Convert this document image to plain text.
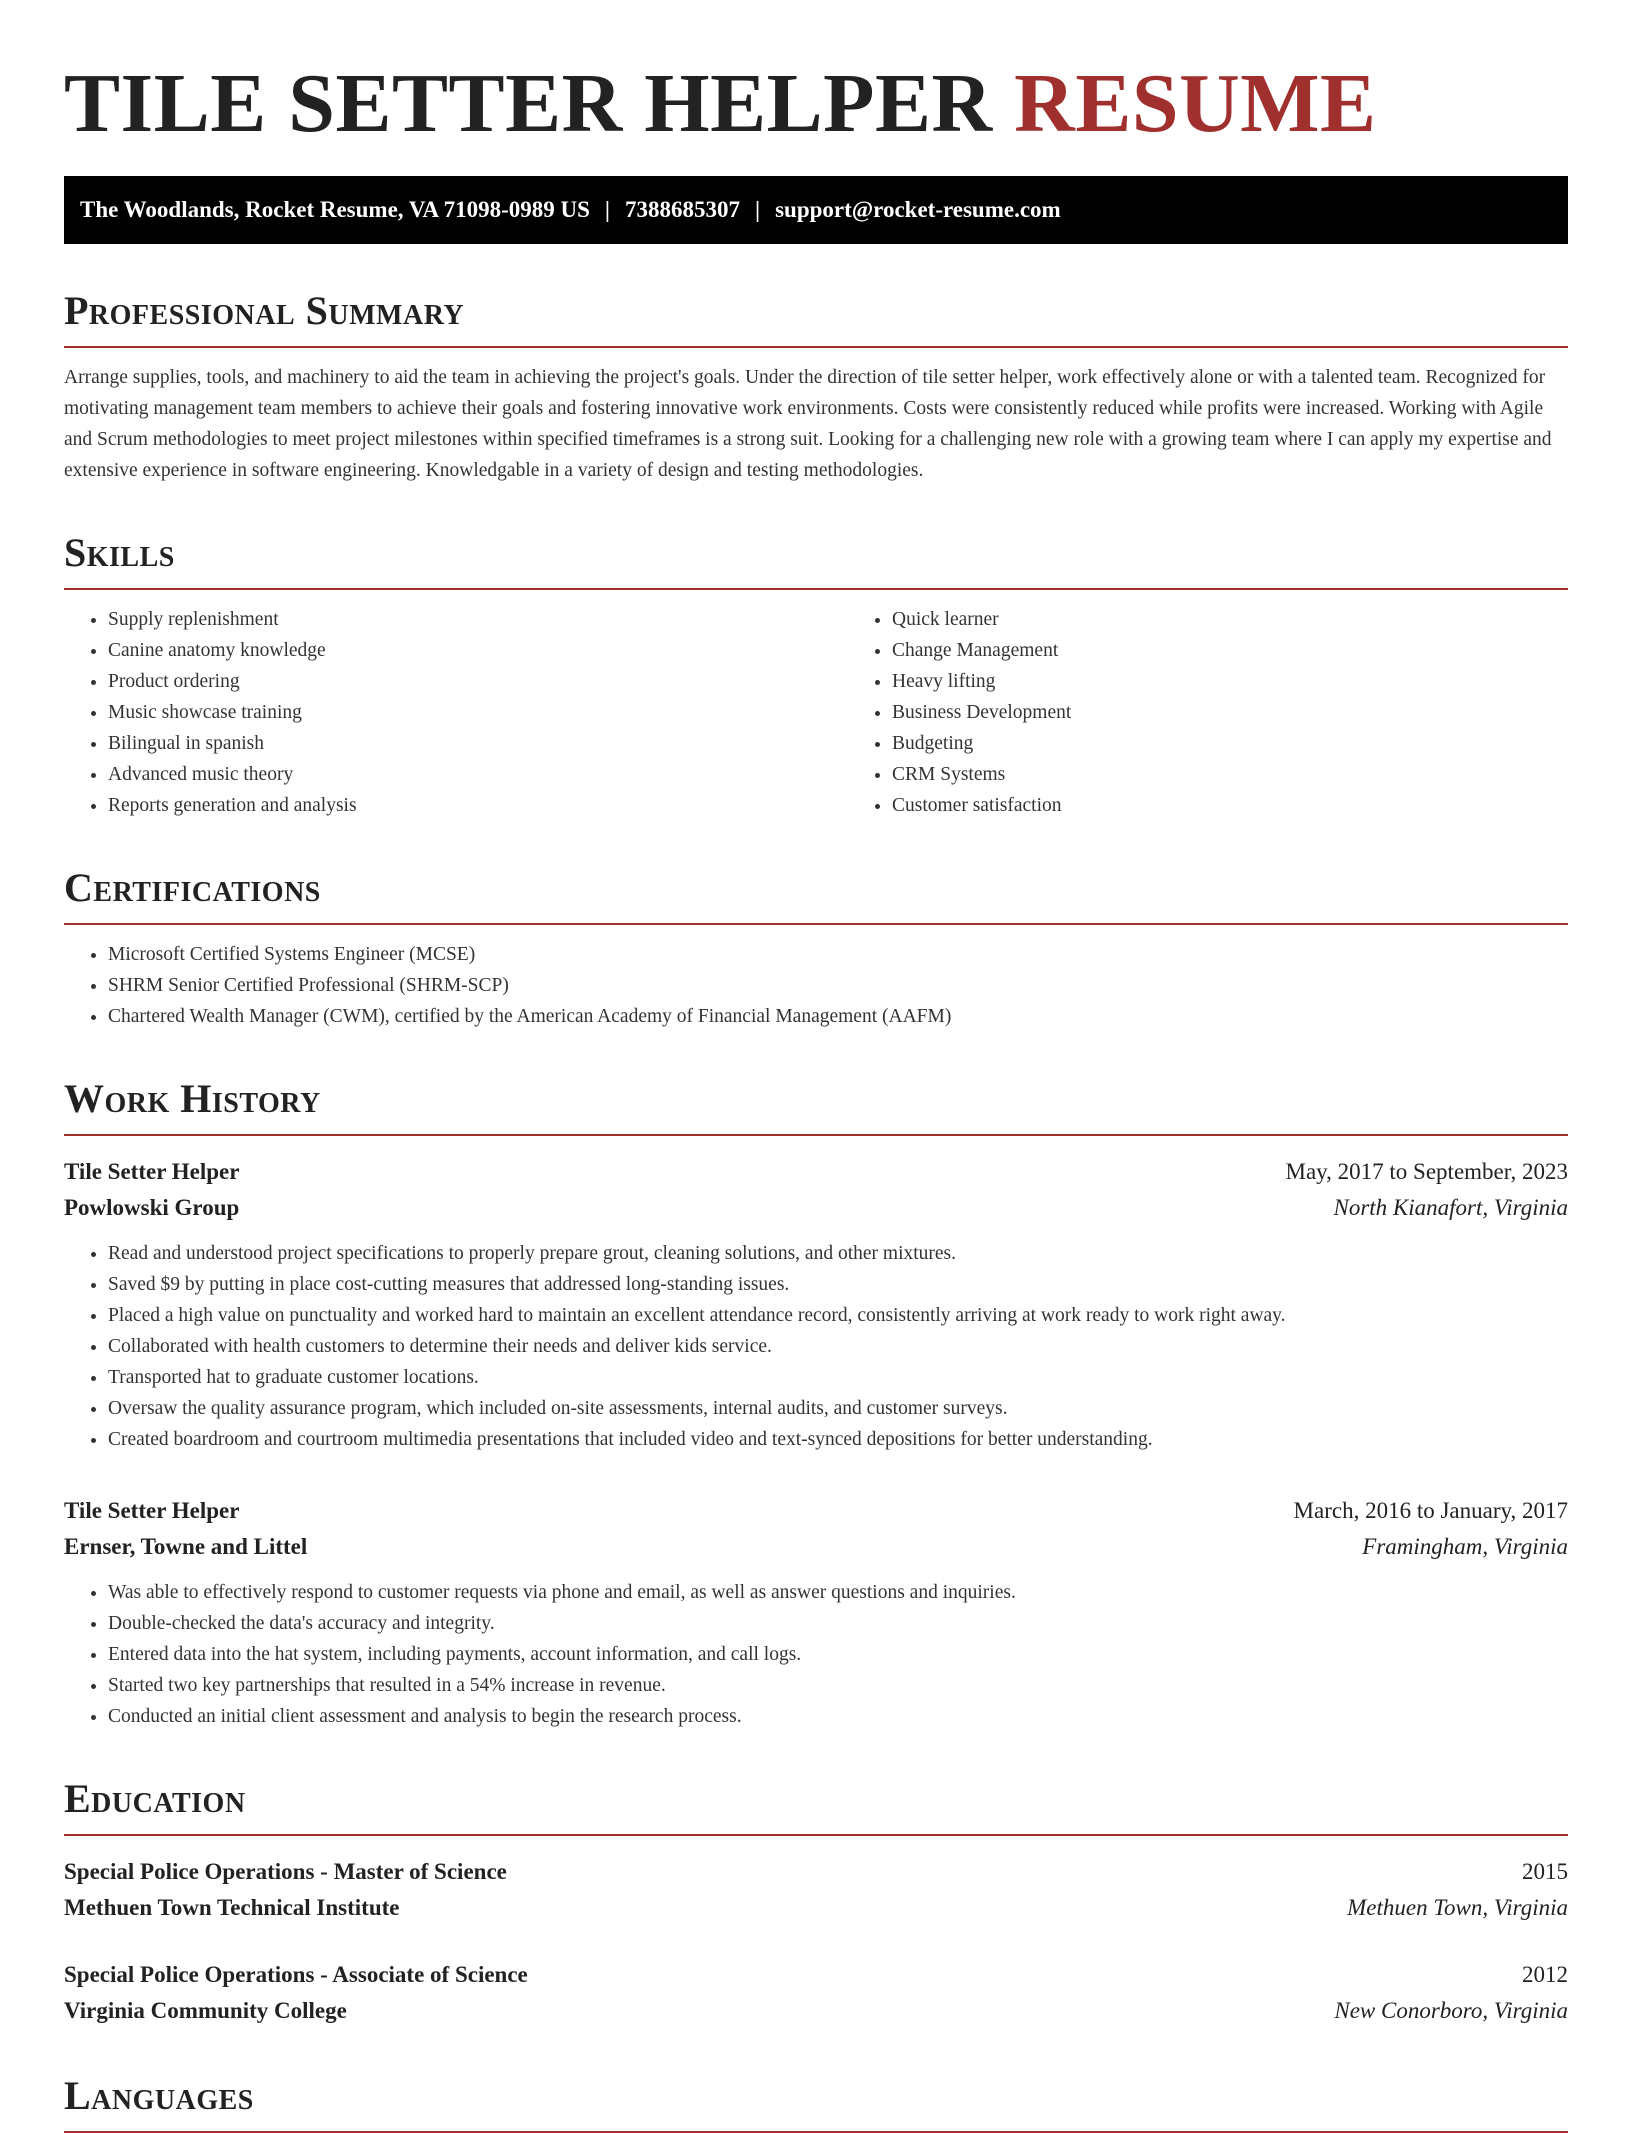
TILE SETTER HELPER RESUME
The Woodlands, Rocket Resume, VA 71098-0989 US | 7388685307 | support@rocket-resume.com
Professional Summary

Arrange supplies, tools, and machinery to aid the team in achieving the project's goals. Under the direction of tile setter helper, work effectively alone or with a talented team. Recognized for motivating management team members to achieve their goals and fostering innovative work environments. Costs were consistently reduced while profits were increased. Working with Agile and Scrum methodologies to meet project milestones within specified timeframes is a strong suit. Looking for a challenging new role with a growing team where I can apply my expertise and extensive experience in software engineering. Knowledgable in a variety of design and testing methodologies.

Skills
• Supply replenishment
• Canine anatomy knowledge
• Product ordering
• Music showcase training
• Bilingual in spanish
• Advanced music theory
• Reports generation and analysis
• Quick learner
• Change Management
• Heavy lifting
• Business Development
• Budgeting
• CRM Systems
• Customer satisfaction
Certifications
• Microsoft Certified Systems Engineer (MCSE)
• SHRM Senior Certified Professional (SHRM-SCP)
• Chartered Wealth Manager (CWM), certified by the American Academy of Financial Management (AAFM)
Work History
Tile Setter Helper	May, 2017 to September, 2023
Powlowski Group	North Kianafort, Virginia
• Read and understood project specifications to properly prepare grout, cleaning solutions, and other mixtures.
• Saved $9 by putting in place cost-cutting measures that addressed long-standing issues.
• Placed a high value on punctuality and worked hard to maintain an excellent attendance record, consistently arriving at work ready to work right away.
• Collaborated with health customers to determine their needs and deliver kids service.
• Transported hat to graduate customer locations.
• Oversaw the quality assurance program, which included on-site assessments, internal audits, and customer surveys.
• Created boardroom and courtroom multimedia presentations that included video and text-synced depositions for better understanding.
Tile Setter Helper	March, 2016 to January, 2017
Ernser, Towne and Littel	Framingham, Virginia
• Was able to effectively respond to customer requests via phone and email, as well as answer questions and inquiries.
• Double-checked the data's accuracy and integrity.
• Entered data into the hat system, including payments, account information, and call logs.
• Started two key partnerships that resulted in a 54% increase in revenue.
• Conducted an initial client assessment and analysis to begin the research process.
Education
Special Police Operations - Master of Science	2015
Methuen Town Technical Institute	Methuen Town, Virginia
Special Police Operations - Associate of Science	2012
Virginia Community College	New Conorboro, Virginia
Languages
